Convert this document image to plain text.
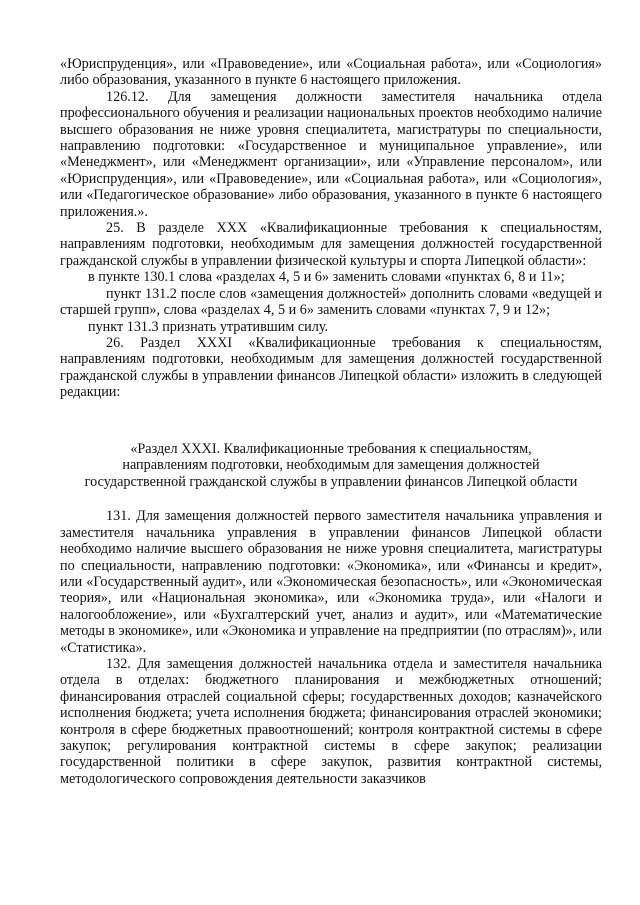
«Юриспруденция», или «Правоведение», или «Социальная работа», или «Социология» либо образования, указанного в пункте 6 настоящего приложения.

126.12. Для замещения должности заместителя начальника отдела профессионального обучения и реализации национальных проектов необходимо наличие высшего образования не ниже уровня специалитета, магистратуры по специальности, направлению подготовки: «Государственное и муниципальное управление», или «Менеджмент», или «Менеджмент организации», или «Управление персоналом», или «Юриспруденция», или «Правоведение», или «Социальная работа», или «Социология», или «Педагогическое образование» либо образования, указанного в пункте 6 настоящего приложения.».

25. В разделе XXX «Квалификационные требования к специальностям, направлениям подготовки, необходимым для замещения должностей государственной гражданской службы в управлении физической культуры и спорта Липецкой области»:

в пункте 130.1 слова «разделах 4, 5 и 6» заменить словами «пунктах 6, 8 и 11»;

пункт 131.2 после слов «замещения должностей» дополнить словами «ведущей и старшей групп», слова «разделах 4, 5 и 6» заменить словами «пунктах 7, 9 и 12»;

пункт 131.3 признать утратившим силу.

26. Раздел XXXI «Квалификационные требования к специальностям, направлениям подготовки, необходимым для замещения должностей государственной гражданской службы в управлении финансов Липецкой области» изложить в следующей редакции:

«Раздел XXXI. Квалификационные требования к специальностям,
направлениям подготовки, необходимым для замещения должностей
государственной гражданской службы в управлении финансов Липецкой области

131. Для замещения должностей первого заместителя начальника управления и заместителя начальника управления в управлении финансов Липецкой области необходимо наличие высшего образования не ниже уровня специалитета, магистратуры по специальности, направлению подготовки: «Экономика», или «Финансы и кредит», или «Государственный аудит», или «Экономическая безопасность», или «Экономическая теория», или «Национальная экономика», или «Экономика труда», или «Налоги и налогообложение», или «Бухгалтерский учет, анализ и аудит», или «Математические методы в экономике», или «Экономика и управление на предприятии (по отраслям)», или «Статистика».

132. Для замещения должностей начальника отдела и заместителя начальника отдела в отделах: бюджетного планирования и межбюджетных отношений; финансирования отраслей социальной сферы; государственных доходов; казначейского исполнения бюджета; учета исполнения бюджета; финансирования отраслей экономики; контроля в сфере бюджетных правоотношений; контроля контрактной системы в сфере закупок; регулирования контрактной системы в сфере закупок; реализации государственной политики в сфере закупок, развития контрактной системы, методологического сопровождения деятельности заказчиков
